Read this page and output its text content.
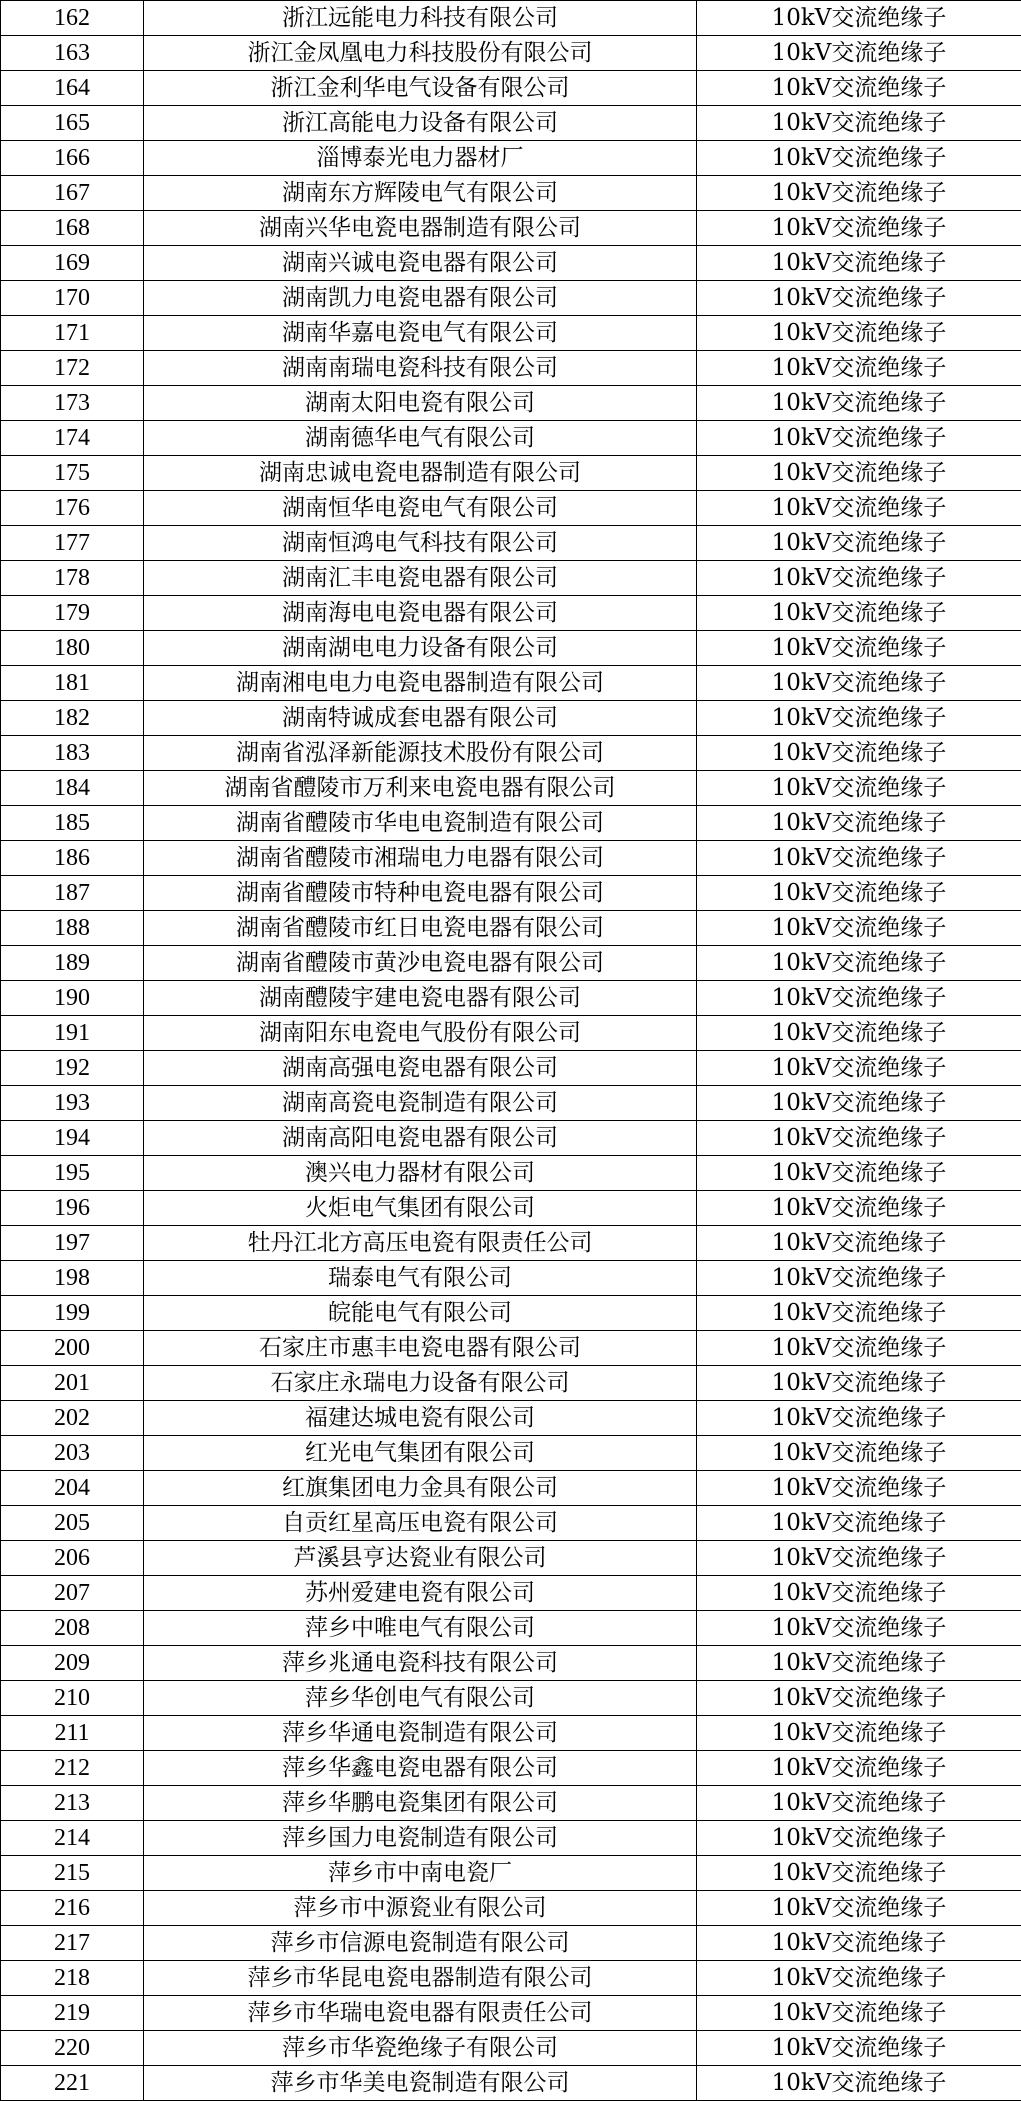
162	浙江远能电力科技有限公司	10kV交流绝缘子
163	浙江金凤凰电力科技股份有限公司	10kV交流绝缘子
164	浙江金利华电气设备有限公司	10kV交流绝缘子
165	浙江高能电力设备有限公司	10kV交流绝缘子
166	淄博泰光电力器材厂	10kV交流绝缘子
167	湖南东方辉陵电气有限公司	10kV交流绝缘子
168	湖南兴华电瓷电器制造有限公司	10kV交流绝缘子
169	湖南兴诚电瓷电器有限公司	10kV交流绝缘子
170	湖南凯力电瓷电器有限公司	10kV交流绝缘子
171	湖南华嘉电瓷电气有限公司	10kV交流绝缘子
172	湖南南瑞电瓷科技有限公司	10kV交流绝缘子
173	湖南太阳电瓷有限公司	10kV交流绝缘子
174	湖南德华电气有限公司	10kV交流绝缘子
175	湖南忠诚电瓷电器制造有限公司	10kV交流绝缘子
176	湖南恒华电瓷电气有限公司	10kV交流绝缘子
177	湖南恒鸿电气科技有限公司	10kV交流绝缘子
178	湖南汇丰电瓷电器有限公司	10kV交流绝缘子
179	湖南海电电瓷电器有限公司	10kV交流绝缘子
180	湖南湖电电力设备有限公司	10kV交流绝缘子
181	湖南湘电电力电瓷电器制造有限公司	10kV交流绝缘子
182	湖南特诚成套电器有限公司	10kV交流绝缘子
183	湖南省泓泽新能源技术股份有限公司	10kV交流绝缘子
184	湖南省醴陵市万利来电瓷电器有限公司	10kV交流绝缘子
185	湖南省醴陵市华电电瓷制造有限公司	10kV交流绝缘子
186	湖南省醴陵市湘瑞电力电器有限公司	10kV交流绝缘子
187	湖南省醴陵市特种电瓷电器有限公司	10kV交流绝缘子
188	湖南省醴陵市红日电瓷电器有限公司	10kV交流绝缘子
189	湖南省醴陵市黄沙电瓷电器有限公司	10kV交流绝缘子
190	湖南醴陵宇建电瓷电器有限公司	10kV交流绝缘子
191	湖南阳东电瓷电气股份有限公司	10kV交流绝缘子
192	湖南高强电瓷电器有限公司	10kV交流绝缘子
193	湖南高瓷电瓷制造有限公司	10kV交流绝缘子
194	湖南高阳电瓷电器有限公司	10kV交流绝缘子
195	澳兴电力器材有限公司	10kV交流绝缘子
196	火炬电气集团有限公司	10kV交流绝缘子
197	牡丹江北方高压电瓷有限责任公司	10kV交流绝缘子
198	瑞泰电气有限公司	10kV交流绝缘子
199	皖能电气有限公司	10kV交流绝缘子
200	石家庄市惠丰电瓷电器有限公司	10kV交流绝缘子
201	石家庄永瑞电力设备有限公司	10kV交流绝缘子
202	福建达城电瓷有限公司	10kV交流绝缘子
203	红光电气集团有限公司	10kV交流绝缘子
204	红旗集团电力金具有限公司	10kV交流绝缘子
205	自贡红星高压电瓷有限公司	10kV交流绝缘子
206	芦溪县亨达瓷业有限公司	10kV交流绝缘子
207	苏州爱建电瓷有限公司	10kV交流绝缘子
208	萍乡中唯电气有限公司	10kV交流绝缘子
209	萍乡兆通电瓷科技有限公司	10kV交流绝缘子
210	萍乡华创电气有限公司	10kV交流绝缘子
211	萍乡华通电瓷制造有限公司	10kV交流绝缘子
212	萍乡华鑫电瓷电器有限公司	10kV交流绝缘子
213	萍乡华鹏电瓷集团有限公司	10kV交流绝缘子
214	萍乡国力电瓷制造有限公司	10kV交流绝缘子
215	萍乡市中南电瓷厂	10kV交流绝缘子
216	萍乡市中源瓷业有限公司	10kV交流绝缘子
217	萍乡市信源电瓷制造有限公司	10kV交流绝缘子
218	萍乡市华昆电瓷电器制造有限公司	10kV交流绝缘子
219	萍乡市华瑞电瓷电器有限责任公司	10kV交流绝缘子
220	萍乡市华瓷绝缘子有限公司	10kV交流绝缘子
221	萍乡市华美电瓷制造有限公司	10kV交流绝缘子
